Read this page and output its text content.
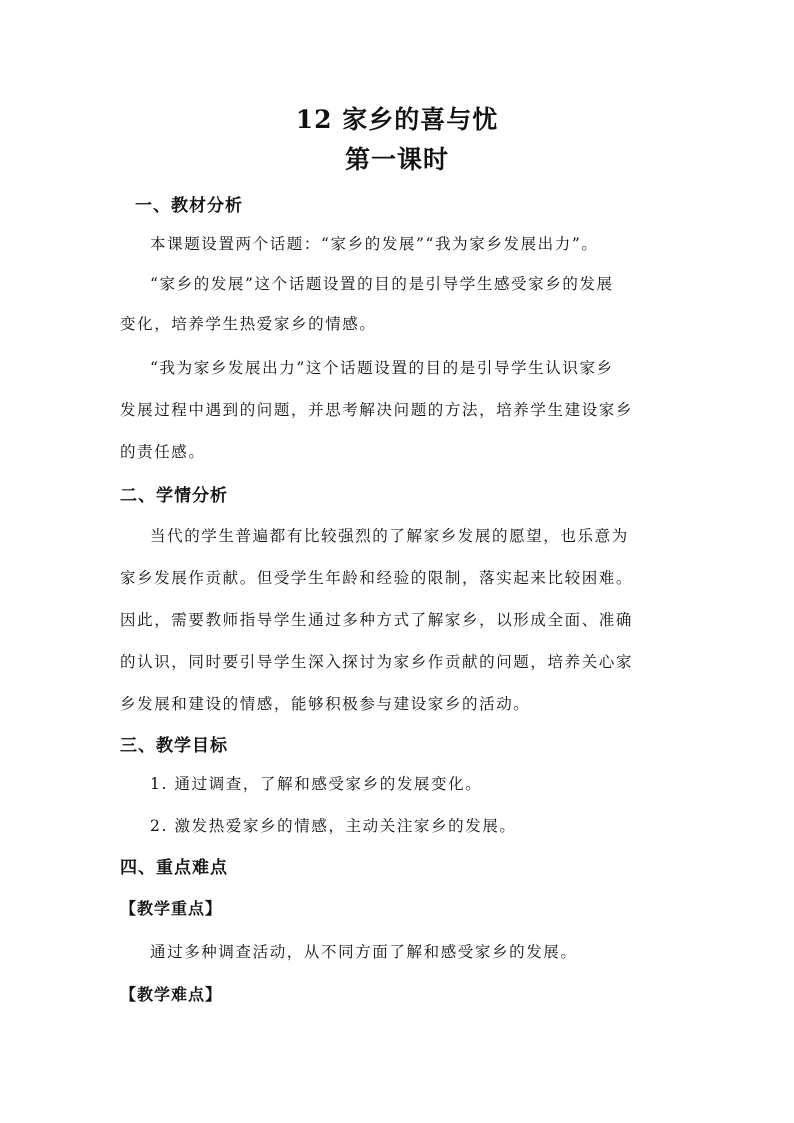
12 家乡的喜与忧
第一课时
一、教材分析
本课题设置两个话题：“家乡的发展”“我为家乡发展出力”。
“家乡的发展”这个话题设置的目的是引导学生感受家乡的发展
变化，培养学生热爱家乡的情感。
“我为家乡发展出力”这个话题设置的目的是引导学生认识家乡
发展过程中遇到的问题，并思考解决问题的方法，培养学生建设家乡
的责任感。
二、学情分析
当代的学生普遍都有比较强烈的了解家乡发展的愿望，也乐意为
家乡发展作贡献。但受学生年龄和经验的限制，落实起来比较困难。
因此，需要教师指导学生通过多种方式了解家乡，以形成全面、准确
的认识，同时要引导学生深入探讨为家乡作贡献的问题，培养关心家
乡发展和建设的情感，能够积极参与建设家乡的活动。
三、教学目标
1. 通过调查，了解和感受家乡的发展变化。
2. 激发热爱家乡的情感，主动关注家乡的发展。
四、重点难点
【教学重点】
通过多种调查活动，从不同方面了解和感受家乡的发展。
【教学难点】
